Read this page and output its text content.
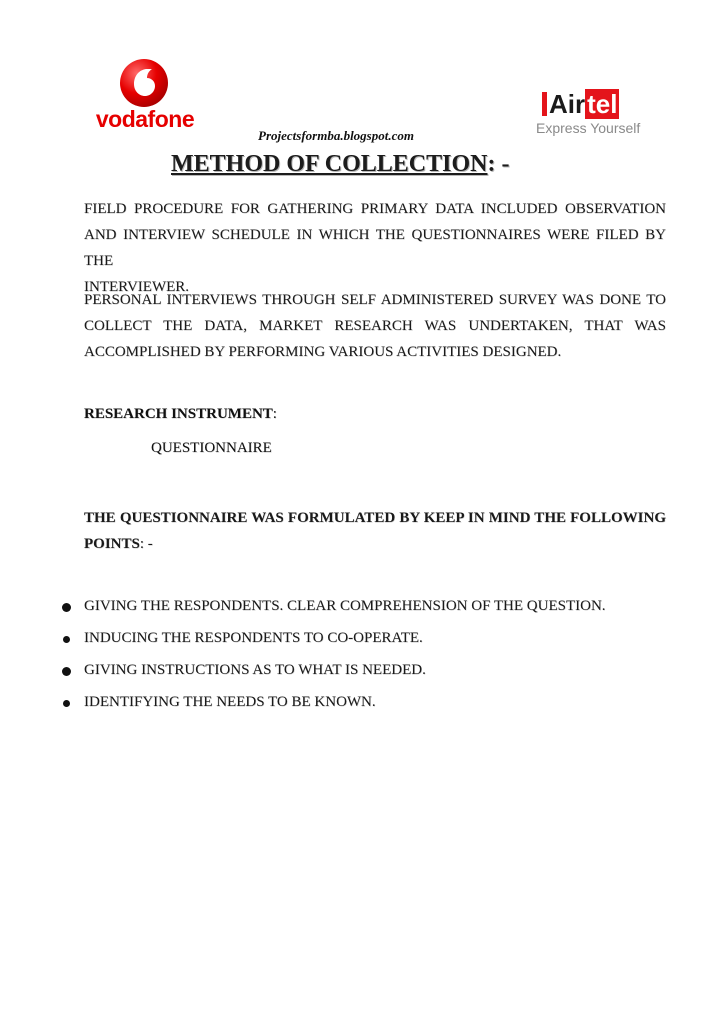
vodafone	Airtel
Express Yourself
Projectsformba.blogspot.com
METHOD OF COLLECTION: -
FIELD PROCEDURE FOR GATHERING PRIMARY DATA INCLUDED OBSERVATION
AND INTERVIEW SCHEDULE IN WHICH THE QUESTIONNAIRES WERE FILED BY THE
INTERVIEWER.
PERSONAL INTERVIEWS THROUGH SELF ADMINISTERED SURVEY WAS DONE TO
COLLECT THE DATA, MARKET RESEARCH WAS UNDERTAKEN, THAT WAS
ACCOMPLISHED BY PERFORMING VARIOUS ACTIVITIES DESIGNED.
RESEARCH INSTRUMENT:
QUESTIONNAIRE
THE QUESTIONNAIRE WAS FORMULATED BY KEEP IN MIND THE FOLLOWING
POINTS: -
GIVING THE RESPONDENTS. CLEAR COMPREHENSION OF THE QUESTION.
INDUCING THE RESPONDENTS TO CO-OPERATE.
GIVING INSTRUCTIONS AS TO WHAT IS NEEDED.
IDENTIFYING THE NEEDS TO BE KNOWN.
